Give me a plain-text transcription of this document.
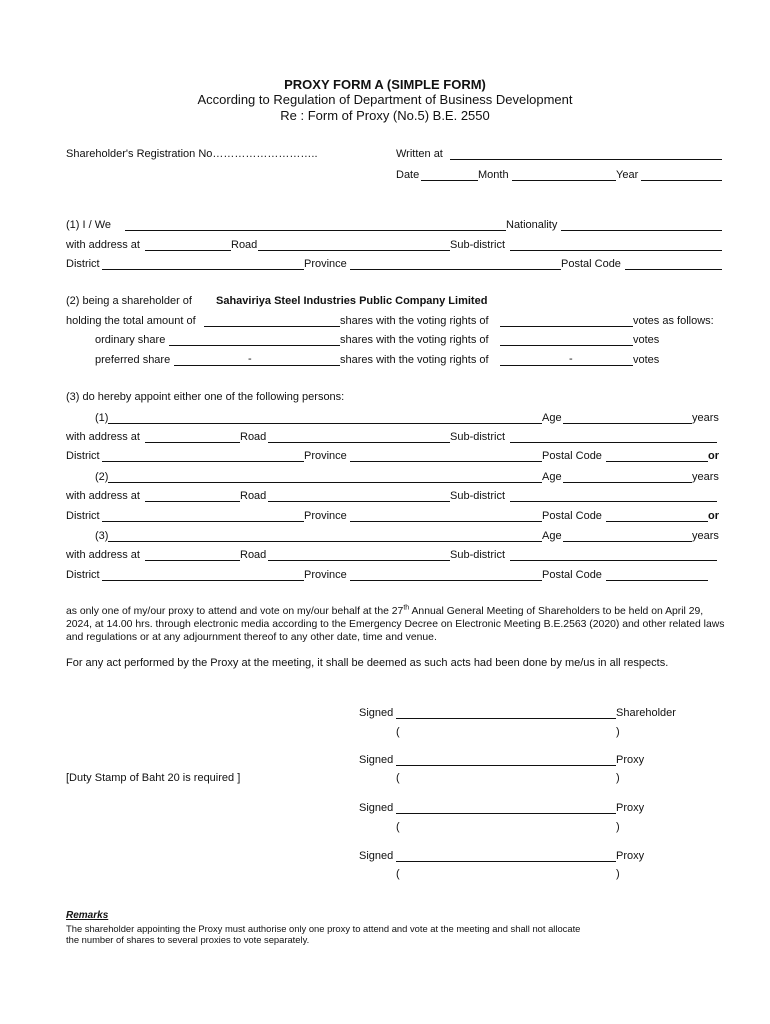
PROXY FORM A (SIMPLE FORM)
According to Regulation of Department of Business Development
Re : Form of Proxy (No.5) B.E. 2550
Shareholder's Registration No………………………..	Written at
Date	Month	Year
(1) I / We	Nationality
with address at	Road	Sub-district
District	Province	Postal Code
(2) being a shareholder of Sahaviriya Steel Industries Public Company Limited
holding the total amount of	shares with the voting rights of	votes as follows:
ordinary share	shares with the voting rights of	votes
preferred share	-	shares with the voting rights of	-	votes
(3) do hereby appoint either one of the following persons:
(1)	Age	years
with address at	Road	Sub-district
District	Province	Postal Code	or
(2)	Age	years
with address at	Road	Sub-district
District	Province	Postal Code	or
(3)	Age	years
with address at	Road	Sub-district
District	Province	Postal Code
as only one of my/our proxy to attend and vote on my/our behalf at the 27th Annual General Meeting of Shareholders to be held on April 29, 2024, at 14.00 hrs. through electronic media according to the Emergency Decree on Electronic Meeting B.E.2563 (2020) and other related laws and regulations or at any adjournment thereof to any other date, time and venue.
For any act performed by the Proxy at the meeting, it shall be deemed as such acts had been done by me/us in all respects.
Signed	Shareholder
(	)
Signed	Proxy
(	)
[Duty Stamp of Baht 20 is required ]
Signed	Proxy
(	)
Signed	Proxy
(	)
Remarks
The shareholder appointing the Proxy must authorise only one proxy to attend and vote at the meeting and shall not allocate
the number of shares to several proxies to vote separately.
